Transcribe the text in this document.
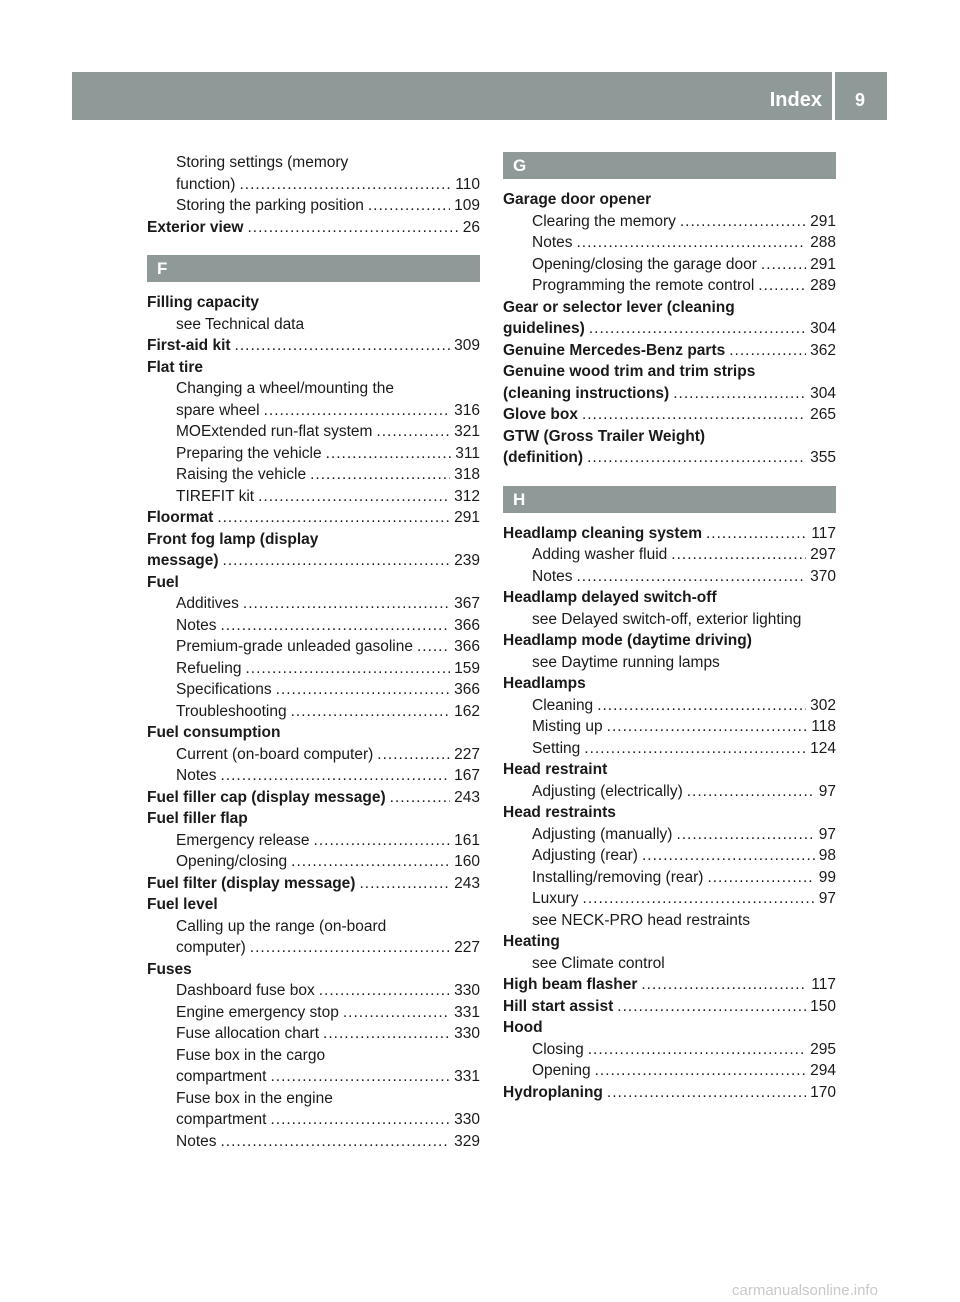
Index	9
Storing settings (memory
function) .....	110
Storing the parking position .....	109
Exterior view .....	26
F
Filling capacity
see Technical data
First-aid kit .....	309
Flat tire
Changing a wheel/mounting the
spare wheel .....	316
MOExtended run-flat system .....	321
Preparing the vehicle .....	311
Raising the vehicle .....	318
TIREFIT kit .....	312
Floormat .....	291
Front fog lamp (display
message) .....	239
Fuel
Additives .....	367
Notes .....	366
Premium-grade unleaded gasoline .....	366
Refueling .....	159
Specifications .....	366
Troubleshooting .....	162
Fuel consumption
Current (on-board computer) .....	227
Notes .....	167
Fuel filler cap (display message) .....	243
Fuel filler flap
Emergency release .....	161
Opening/closing .....	160
Fuel filter (display message) .....	243
Fuel level
Calling up the range (on-board
computer) .....	227
Fuses
Dashboard fuse box .....	330
Engine emergency stop .....	331
Fuse allocation chart .....	330
Fuse box in the cargo
compartment .....	331
Fuse box in the engine
compartment .....	330
Notes .....	329
G
Garage door opener
Clearing the memory .....	291
Notes .....	288
Opening/closing the garage door .....	291
Programming the remote control .....	289
Gear or selector lever (cleaning
guidelines) .....	304
Genuine Mercedes-Benz parts .....	362
Genuine wood trim and trim strips
(cleaning instructions) .....	304
Glove box .....	265
GTW (Gross Trailer Weight)
(definition) .....	355
H
Headlamp cleaning system .....	117
Adding washer fluid .....	297
Notes .....	370
Headlamp delayed switch-off
see Delayed switch-off, exterior lighting
Headlamp mode (daytime driving)
see Daytime running lamps
Headlamps
Cleaning .....	302
Misting up .....	118
Setting .....	124
Head restraint
Adjusting (electrically) .....	97
Head restraints
Adjusting (manually) .....	97
Adjusting (rear) .....	98
Installing/removing (rear) .....	99
Luxury .....	97
see NECK-PRO head restraints
Heating
see Climate control
High beam flasher .....	117
Hill start assist .....	150
Hood
Closing .....	295
Opening .....	294
Hydroplaning .....	170
carmanualsonline.info
